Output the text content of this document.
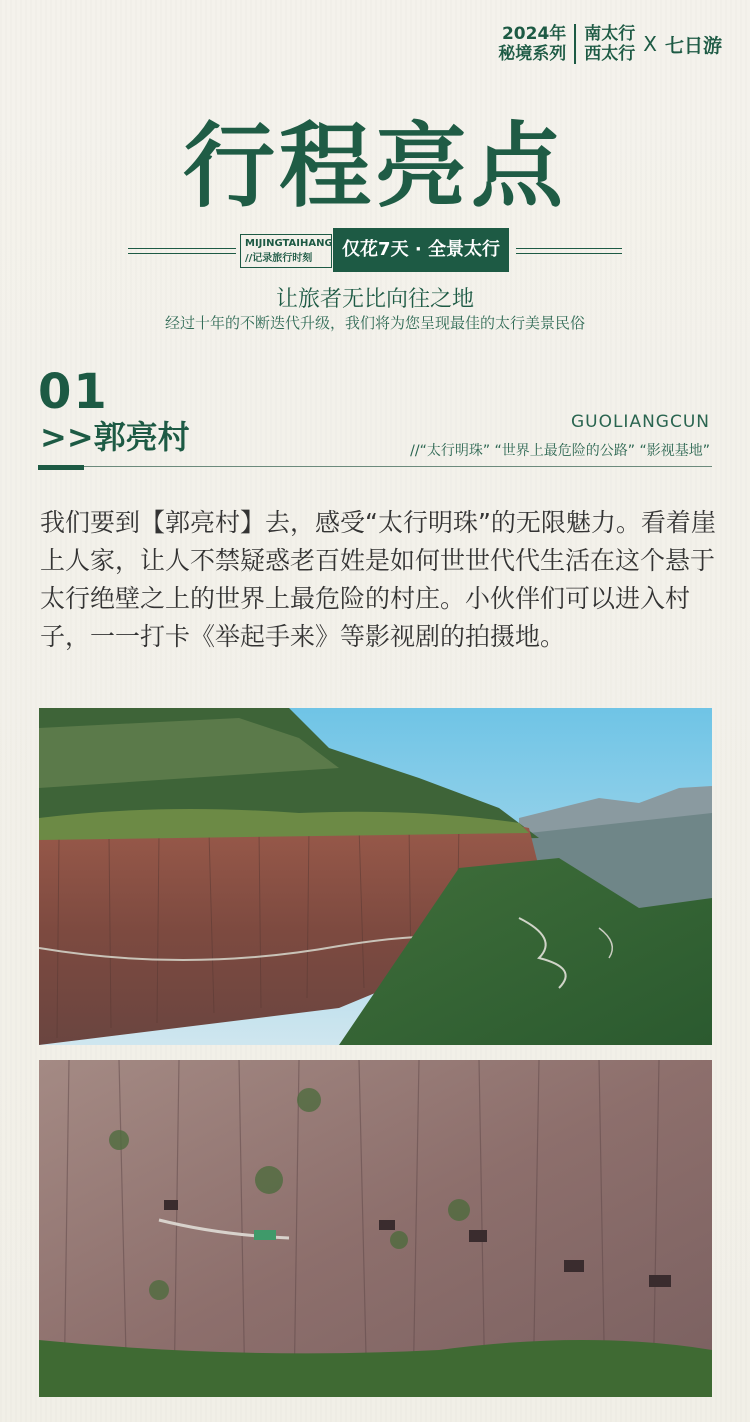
2024年
秘境系列
南太行
西太行 X 七日游
行程亮点
MIJINGTAIHANG
//记录旅行时刻	仅花7天 · 全景太行
让旅者无比向往之地
经过十年的不断迭代升级，我们将为您呈现最佳的太行美景民俗
01
>>郭亮村	GUOLIANGCUN
//“太行明珠” “世界上最危险的公路” “影视基地”
我们要到【郭亮村】去，感受“太行明珠”的无限魅力。看着崖上人家，让人不禁疑惑老百姓是如何世世代代生活在这个悬于太行绝壁之上的世界上最危险的村庄。小伙伴们可以进入村子，一一打卡《举起手来》等影视剧的拍摄地。
